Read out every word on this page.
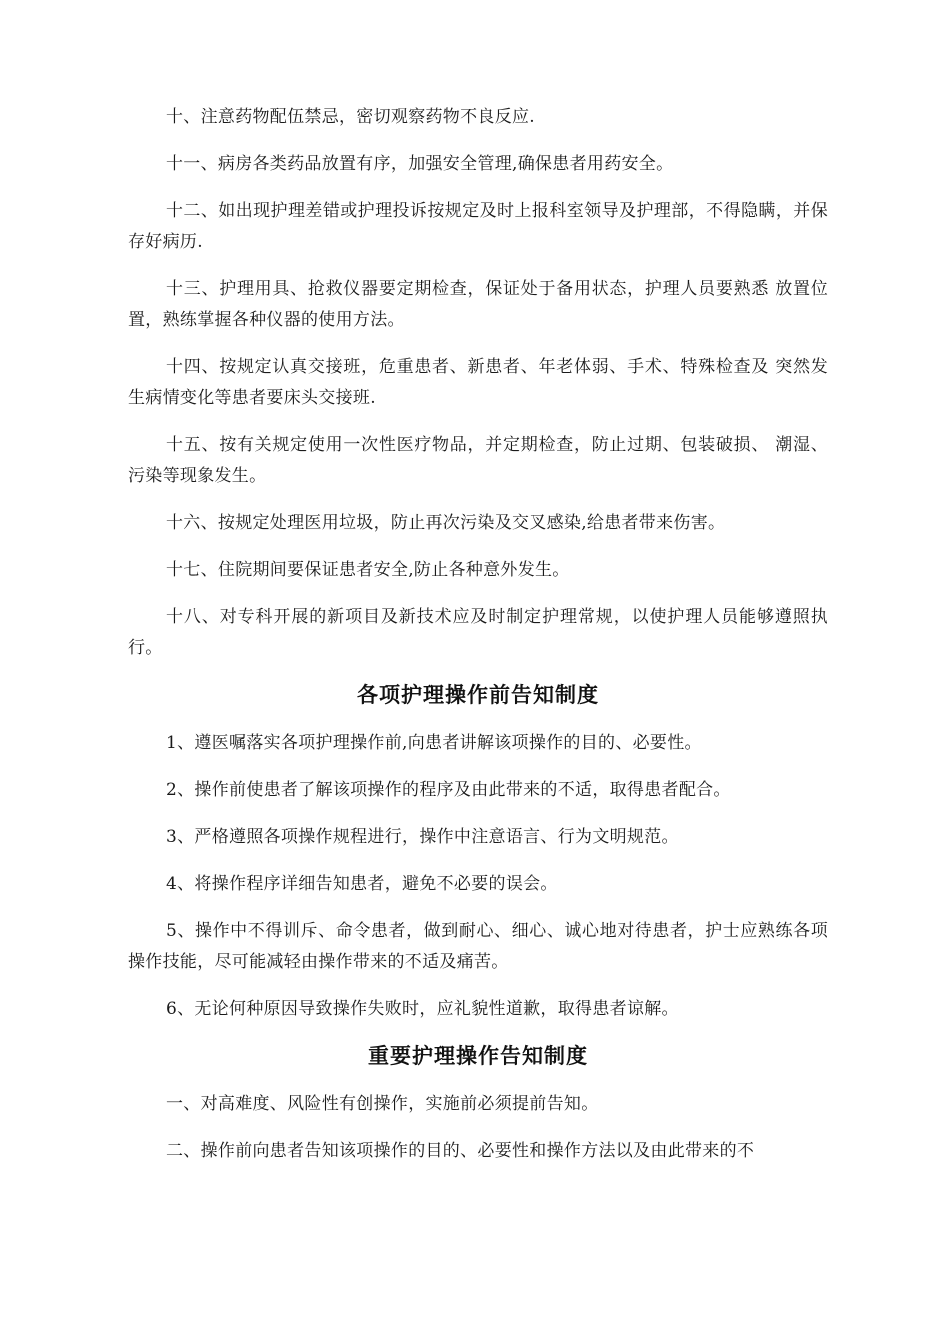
十、注意药物配伍禁忌，密切观察药物不良反应.

十一、病房各类药品放置有序，加强安全管理,确保患者用药安全。

十二、如出现护理差错或护理投诉按规定及时上报科室领导及护理部，不得隐瞒，并保存好病历.

十三、护理用具、抢救仪器要定期检查，保证处于备用状态，护理人员要熟悉 放置位置，熟练掌握各种仪器的使用方法。

十四、按规定认真交接班，危重患者、新患者、年老体弱、手术、特殊检查及 突然发生病情变化等患者要床头交接班.

十五、按有关规定使用一次性医疗物品，并定期检查，防止过期、包装破损、 潮湿、污染等现象发生。

十六、按规定处理医用垃圾，防止再次污染及交叉感染,给患者带来伤害。

十七、住院期间要保证患者安全,防止各种意外发生。

十八、对专科开展的新项目及新技术应及时制定护理常规，以使护理人员能够遵照执行。

各项护理操作前告知制度

1、遵医嘱落实各项护理操作前,向患者讲解该项操作的目的、必要性。

2、操作前使患者了解该项操作的程序及由此带来的不适，取得患者配合。

3、严格遵照各项操作规程进行，操作中注意语言、行为文明规范。

4、将操作程序详细告知患者，避免不必要的误会。

5、操作中不得训斥、命令患者，做到耐心、细心、诚心地对待患者，护士应熟练各项操作技能，尽可能减轻由操作带来的不适及痛苦。

6、无论何种原因导致操作失败时，应礼貌性道歉，取得患者谅解。

重要护理操作告知制度

一、对高难度、风险性有创操作，实施前必须提前告知。

二、操作前向患者告知该项操作的目的、必要性和操作方法以及由此带来的不
